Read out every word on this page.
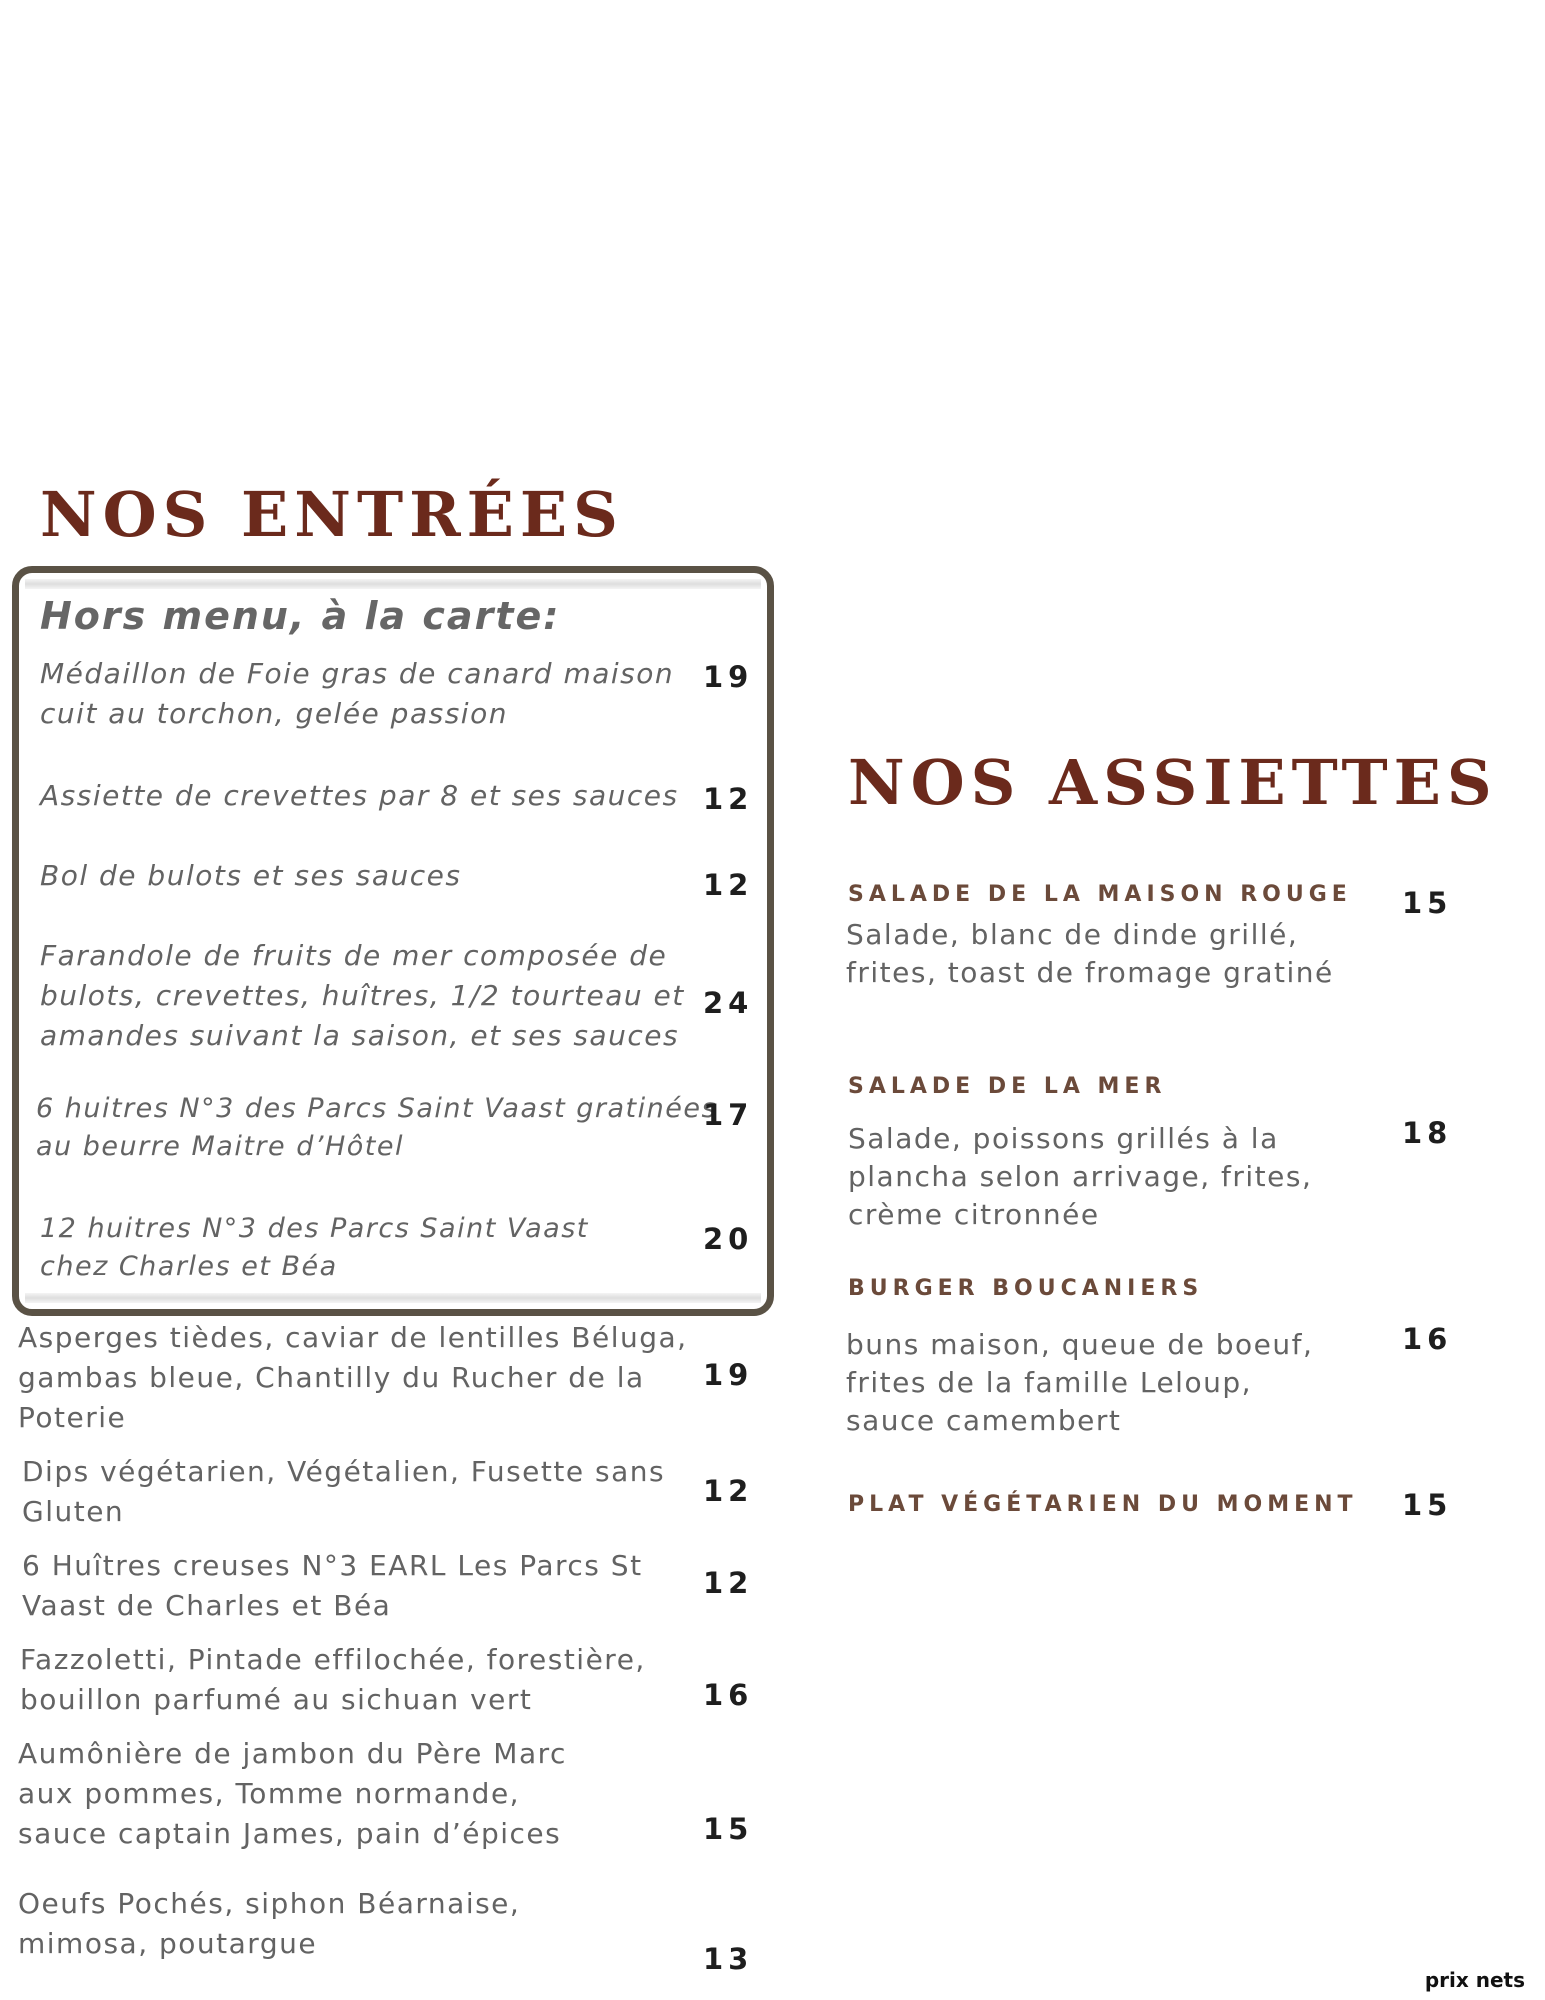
NOS ENTRÉES
Hors menu, à la carte:
Médaillon de Foie gras de canard maison
cuit au torchon, gelée passion
19
Assiette de crevettes par 8 et ses sauces 12
Bol de bulots et ses sauces	12
Farandole de fruits de mer composée de
bulots, crevettes, huîtres, 1/2 tourteau et
amandes suivant la saison, et ses sauces
24
6 huitres N°3 des Parcs Saint Vaast gratinées
au beurre Maitre d’Hôtel
17
12 huitres N°3 des Parcs Saint Vaast
chez Charles et Béa
20
Asperges tièdes, caviar de lentilles Béluga,
gambas bleue, Chantilly du Rucher de la
Poterie
19
Dips végétarien, Végétalien, Fusette sans
Gluten
12
6 Huîtres creuses N°3 EARL Les Parcs St
Vaast de Charles et Béa
12
Fazzoletti, Pintade effilochée, forestière,
bouillon parfumé au sichuan vert	16
Aumônière de jambon du Père Marc
aux pommes, Tomme normande,
sauce captain James, pain d’épices	15
Oeufs Pochés, siphon Béarnaise,
mimosa, poutargue	13
NOS ASSIETTES
SALADE DE LA MAISON ROUGE
Salade, blanc de dinde grillé,
frites, toast de fromage gratiné
15
SALADE DE LA MER
Salade, poissons grillés à la
plancha selon arrivage, frites,
crème citronnée
18
BURGER BOUCANIERS
buns maison, queue de boeuf,
frites de la famille Leloup,
sauce camembert
16
PLAT VÉGÉTARIEN DU MOMENT 15
prix nets
